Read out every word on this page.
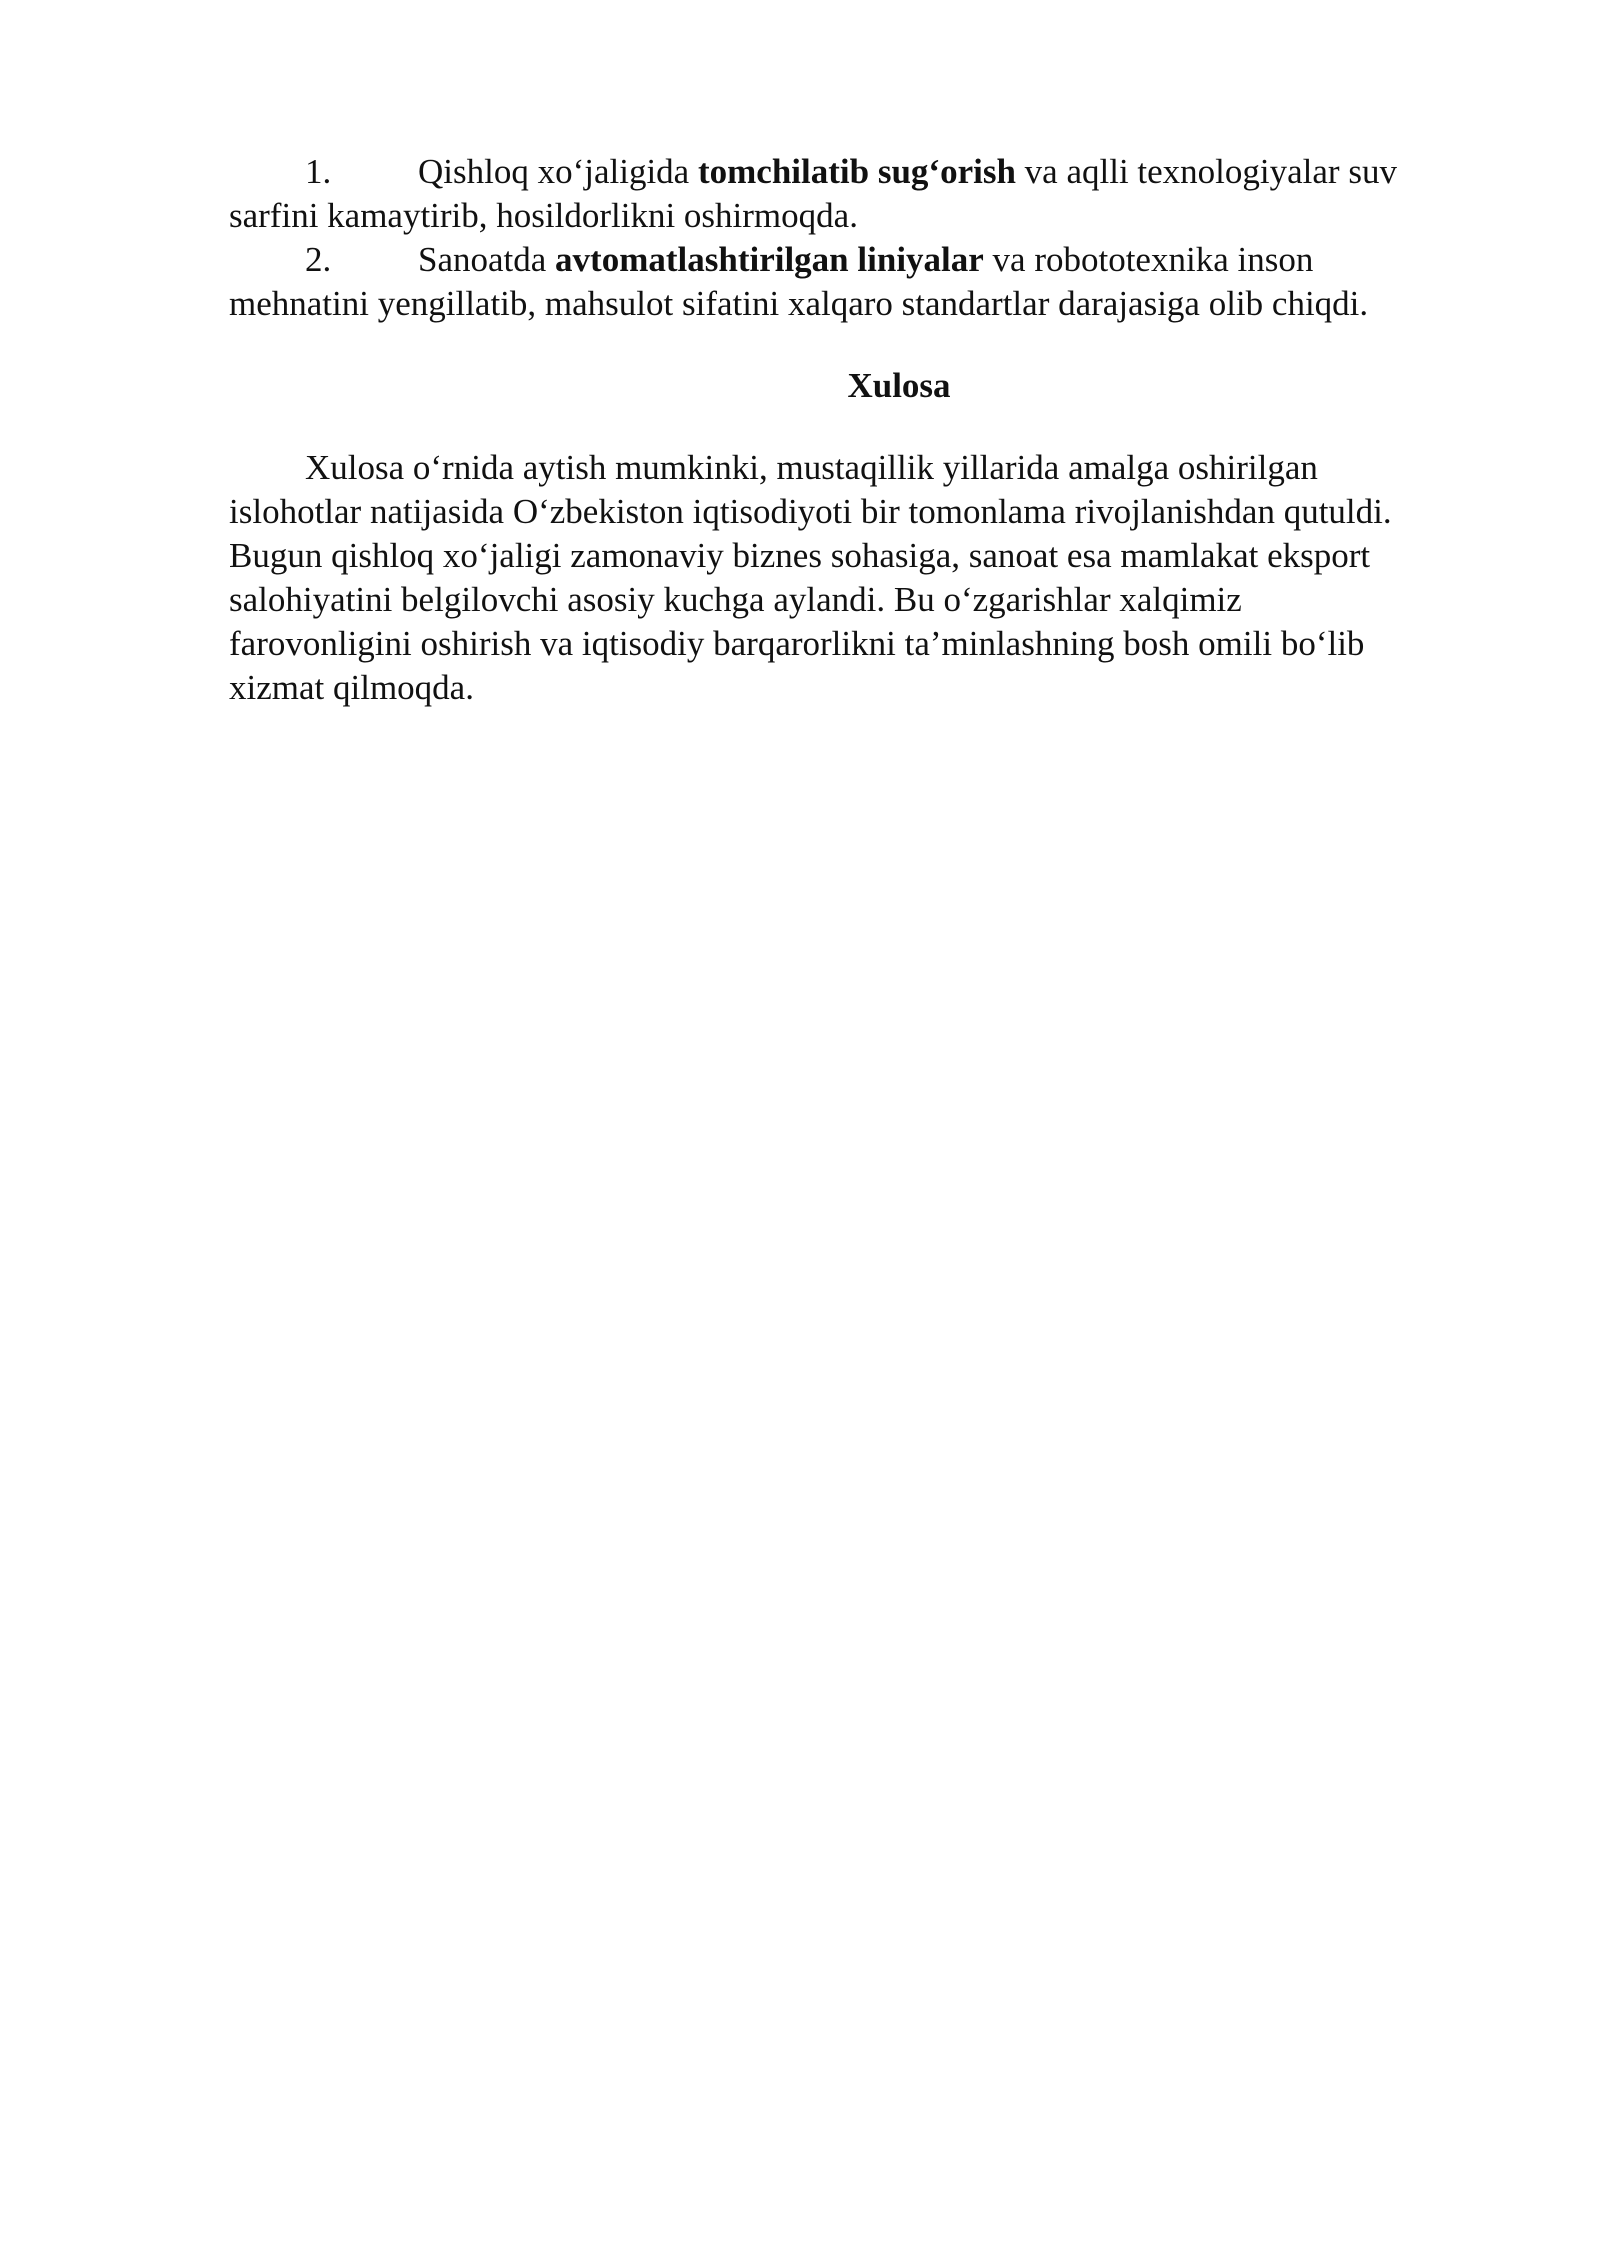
1. Qishloq xo‘jaligida tomchilatib sug‘orish va aqlli texnologiyalar suv
sarfini kamaytirib, hosildorlikni oshirmoqda.
2. Sanoatda avtomatlashtirilgan liniyalar va robototexnika inson
mehnatini yengillatib, mahsulot sifatini xalqaro standartlar darajasiga olib chiqdi.
Xulosa

Xulosa o‘rnida aytish mumkinki, mustaqillik yillarida amalga oshirilgan
islohotlar natijasida O‘zbekiston iqtisodiyoti bir tomonlama rivojlanishdan qutuldi.
Bugun qishloq xo‘jaligi zamonaviy biznes sohasiga, sanoat esa mamlakat eksport
salohiyatini belgilovchi asosiy kuchga aylandi. Bu o‘zgarishlar xalqimiz
farovonligini oshirish va iqtisodiy barqarorlikni ta’minlashning bosh omili bo‘lib
xizmat qilmoqda.
